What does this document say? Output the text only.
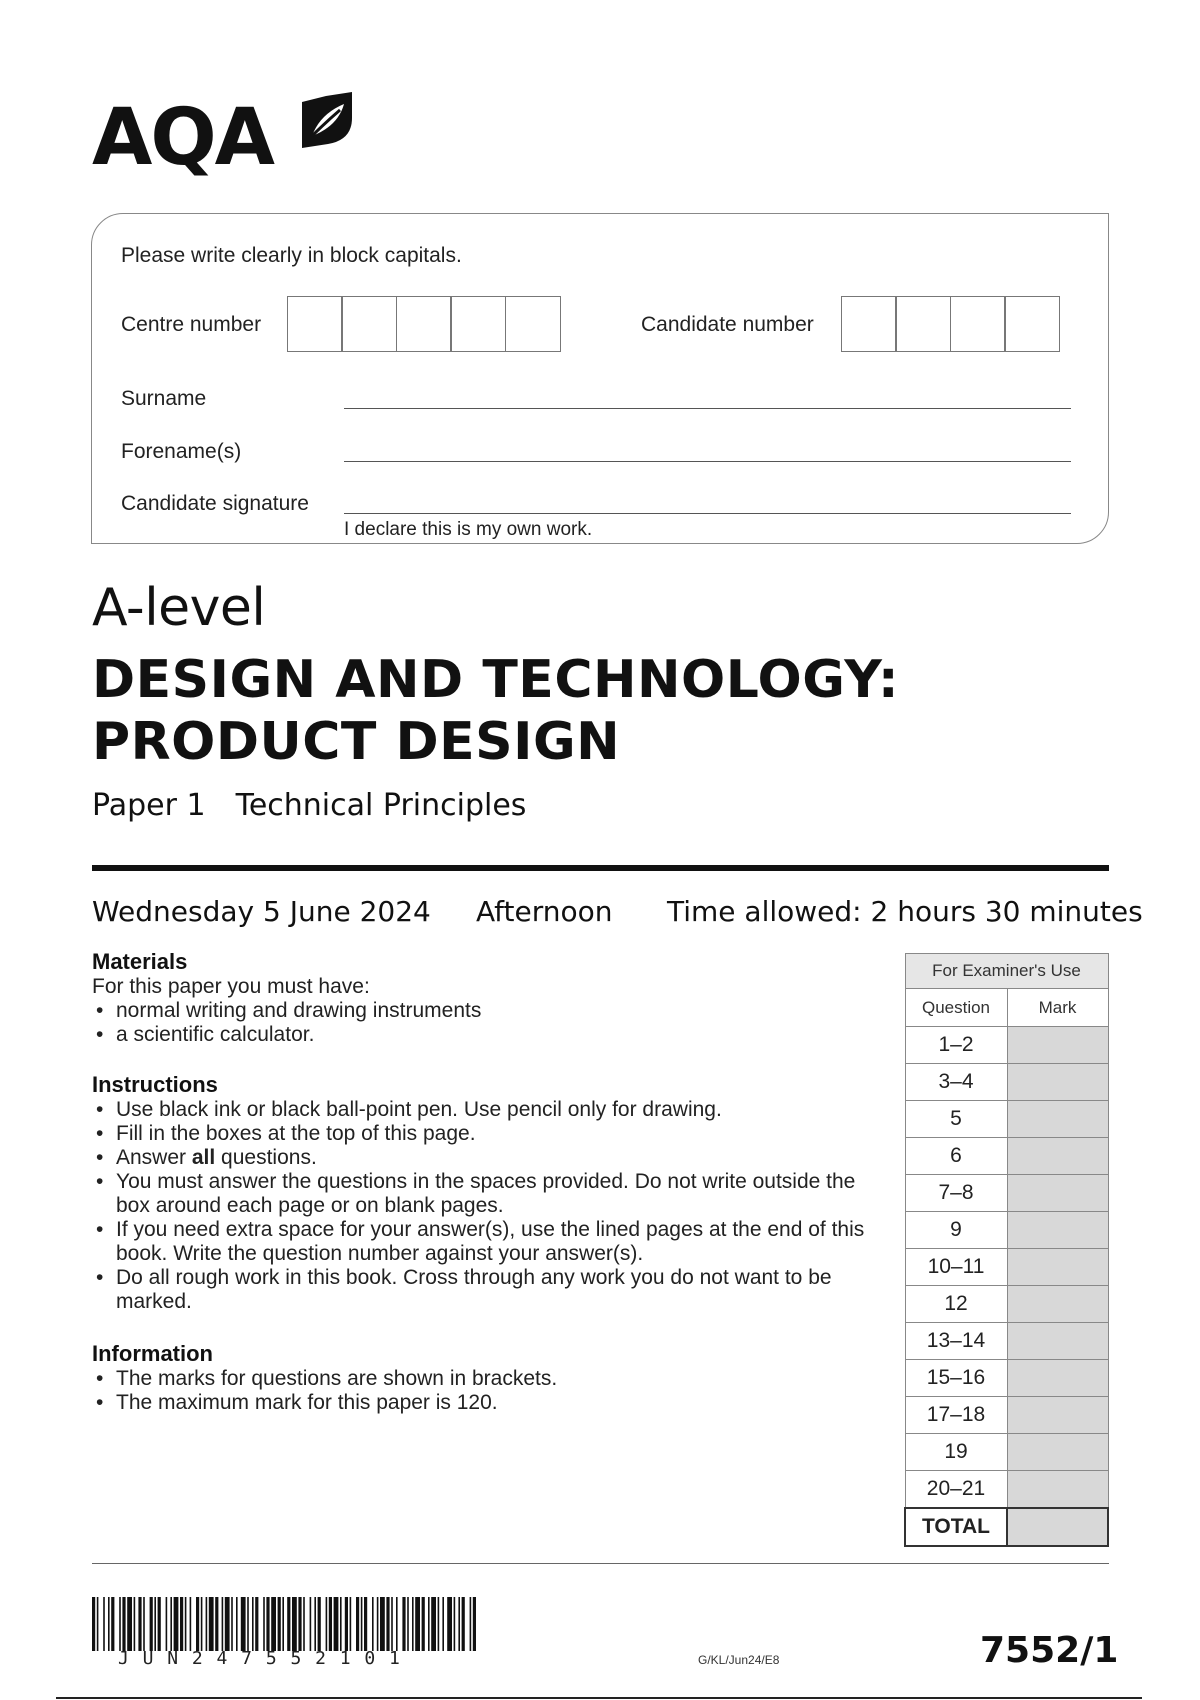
AQA
Please write clearly in block capitals.
Centre number	Candidate number
Surname
Forename(s)
Candidate signature
I declare this is my own work.
A-level
DESIGN AND TECHNOLOGY:
PRODUCT DESIGN
Paper 1 Technical Principles
Wednesday 5 June 2024 Afternoon Time allowed: 2 hours 30 minutes
Materials
For this paper you must have:
• normal writing and drawing instruments
• a scientific calculator.
Instructions
• Use black ink or black ball-point pen. Use pencil only for drawing.
• Fill in the boxes at the top of this page.
• Answer all questions.
• You must answer the questions in the spaces provided. Do not write outside the box around each page or on blank pages.
• If you need extra space for your answer(s), use the lined pages at the end of this book. Write the question number against your answer(s).
• Do all rough work in this book. Cross through any work you do not want to be marked.
Information
• The marks for questions are shown in brackets.
• The maximum mark for this paper is 120.
For Examiner's Use	
Question	Mark
1–2	
3–4	
5	
6	
7–8	
9	
10–11	
12	
13–14	
15–16	
17–18	
19	
20–21	
TOTAL	
JUN247552101	G/KL/Jun24/E8	7552/1
